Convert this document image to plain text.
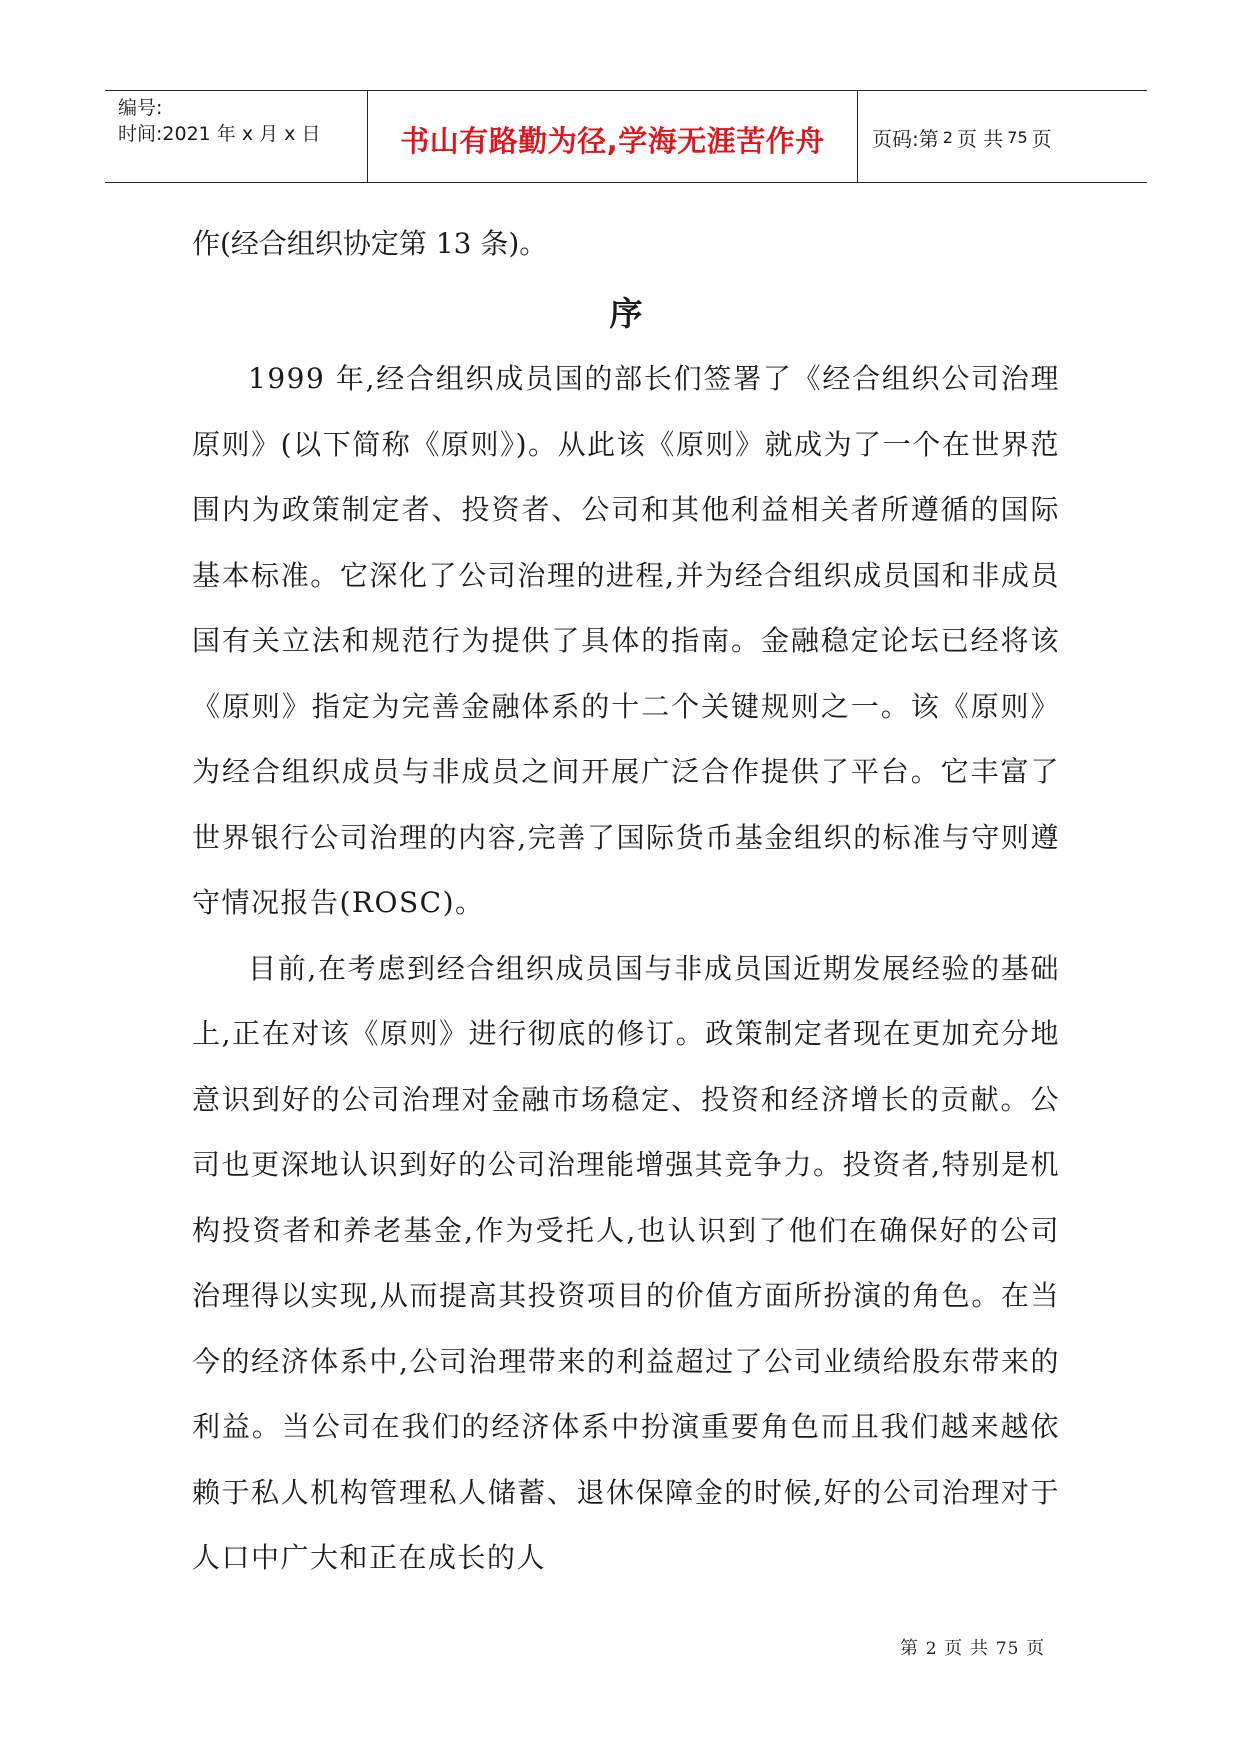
编号:
时间:2021 年 x 月 x 日	书山有路勤为径,学海无涯苦作舟 页码:第 2 页 共 75 页

作(经合组织协定第 13 条)。

序

1999 年,经合组织成员国的部长们签署了《经合组织公司治理原则》(以下简称《原则》)。从此该《原则》就成为了一个在世界范围内为政策制定者、投资者、公司和其他利益相关者所遵循的国际基本标准。它深化了公司治理的进程,并为经合组织成员国和非成员国有关立法和规范行为提供了具体的指南。金融稳定论坛已经将该《原则》指定为完善金融体系的十二个关键规则之一。该《原则》为经合组织成员与非成员之间开展广泛合作提供了平台。它丰富了世界银行公司治理的内容,完善了国际货币基金组织的标准与守则遵守情况报告(ROSC)。

目前,在考虑到经合组织成员国与非成员国近期发展经验的基础上,正在对该《原则》进行彻底的修订。政策制定者现在更加充分地意识到好的公司治理对金融市场稳定、投资和经济增长的贡献。公司也更深地认识到好的公司治理能增强其竞争力。投资者,特别是机构投资者和养老基金,作为受托人,也认识到了他们在确保好的公司治理得以实现,从而提高其投资项目的价值方面所扮演的角色。在当今的经济体系中,公司治理带来的利益超过了公司业绩给股东带来的利益。当公司在我们的经济体系中扮演重要角色而且我们越来越依赖于私人机构管理私人储蓄、退休保障金的时候,好的公司治理对于人口中广大和正在成长的人

第 2 页 共 75 页
